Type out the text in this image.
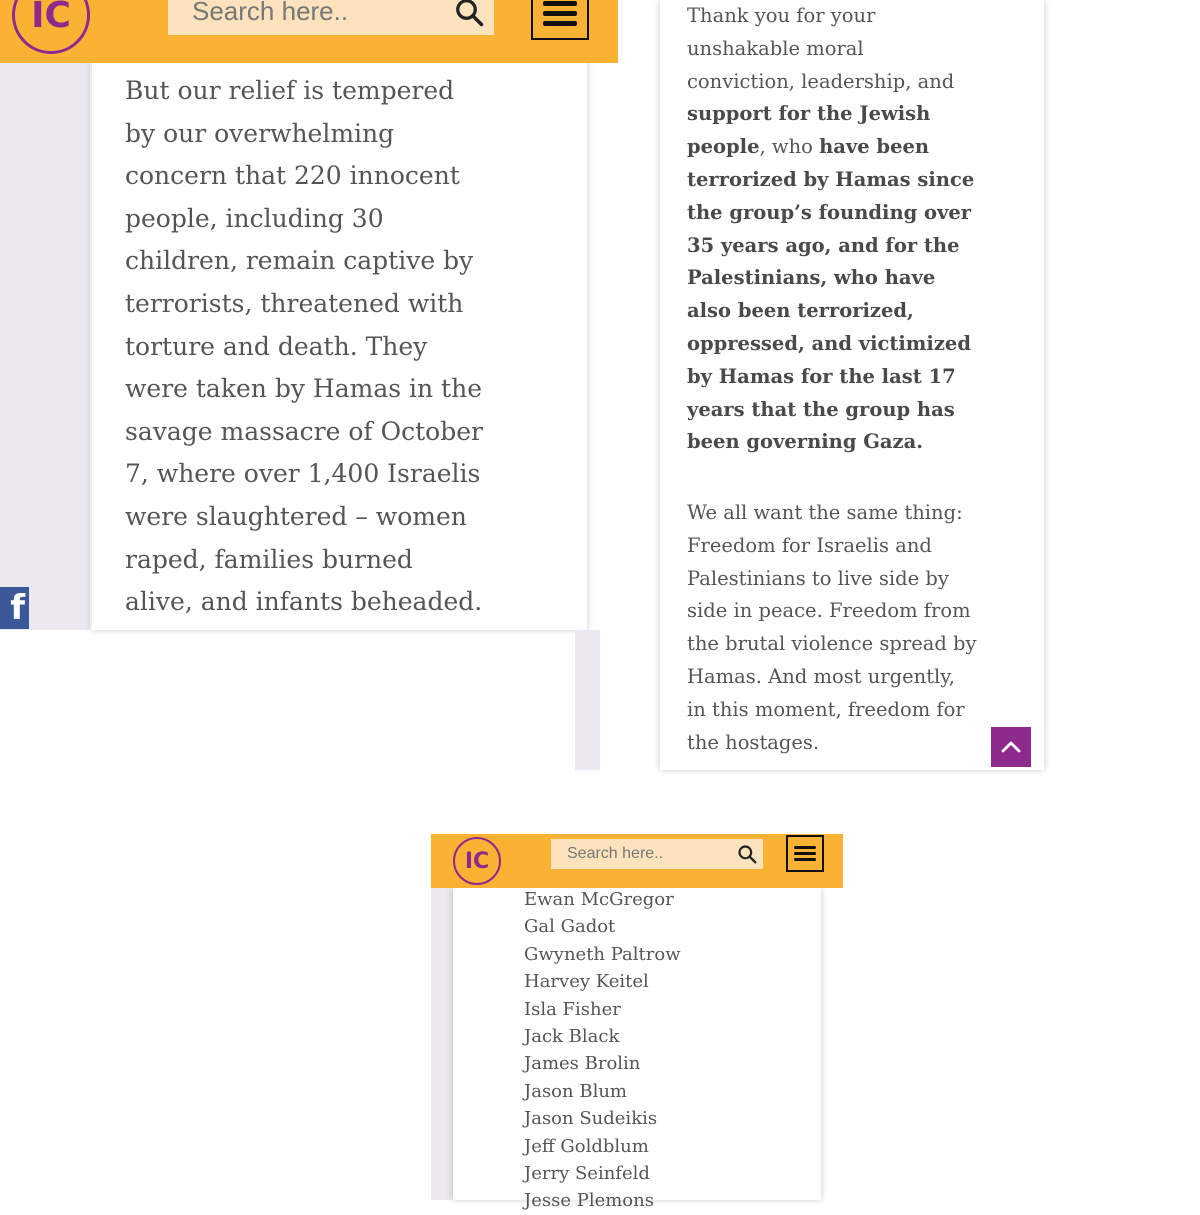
IC	Search here..

But our relief is tempered by our overwhelming concern that 220 innocent people, including 30 children, remain captive by terrorists, threatened with torture and death. They were taken by Hamas in the savage massacre of October 7, where over 1,400 Israelis were slaughtered – women raped, families burned alive, and infants beheaded.

f
Thank you for your unshakable moral conviction, leadership, and support for the Jewish people, who have been terrorized by Hamas since the group’s founding over 35 years ago, and for the Palestinians, who have also been terrorized, oppressed, and victimized by Hamas for the last 17 years that the group has been governing Gaza.

We all want the same thing: Freedom for Israelis and Palestinians to live side by side in peace. Freedom from the brutal violence spread by Hamas. And most urgently, in this moment, freedom for the hostages.

IC	Search here..
Ewan McGregor
Gal Gadot
Gwyneth Paltrow
Harvey Keitel
Isla Fisher
Jack Black
James Brolin
Jason Blum
Jason Sudeikis
Jeff Goldblum
Jerry Seinfeld
Jesse Plemons
